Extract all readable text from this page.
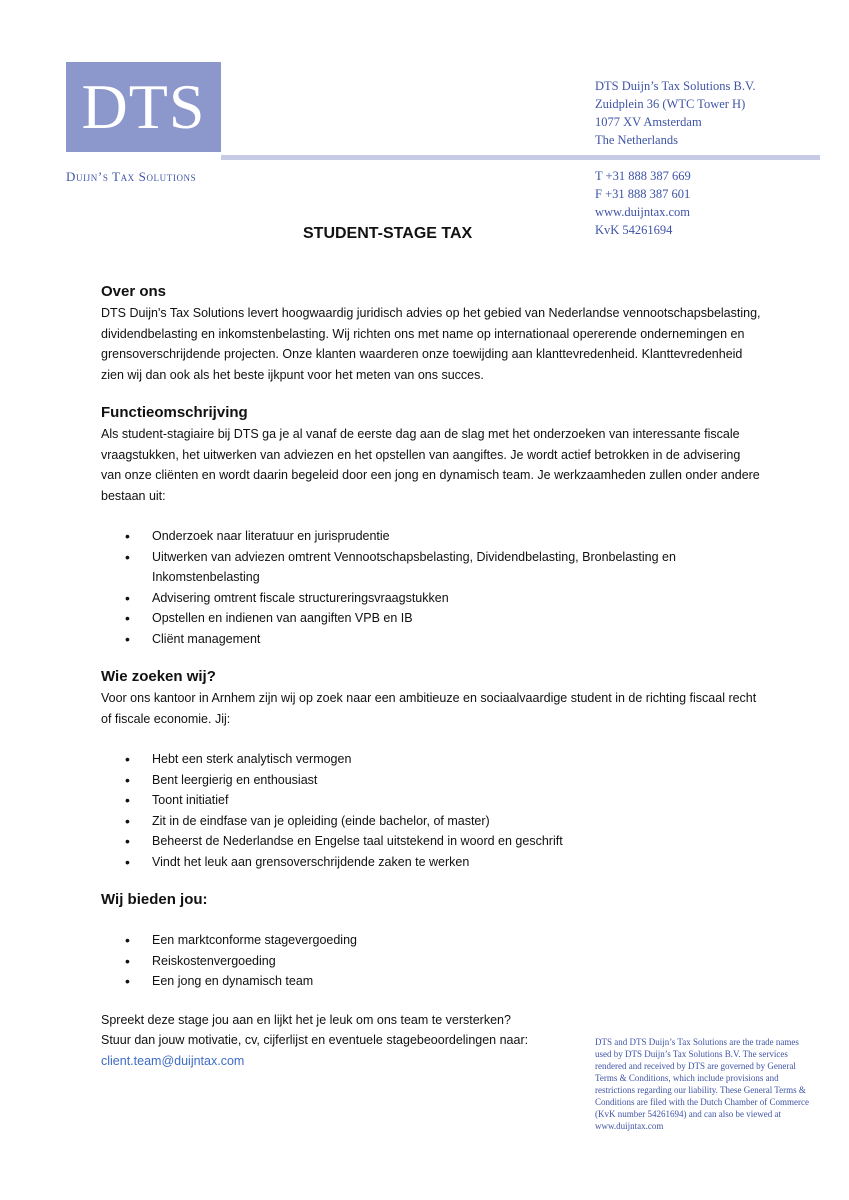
DTS
Duijn’s Tax Solutions
DTS Duijn’s Tax Solutions B.V.
Zuidplein 36 (WTC Tower H)
1077 XV Amsterdam
The Netherlands
T +31 888 387 669
F +31 888 387 601
www.duijntax.com
KvK 54261694
STUDENT-STAGE TAX
Over ons

DTS Duijn's Tax Solutions levert hoogwaardig juridisch advies op het gebied van Nederlandse vennootschapsbelasting, dividendbelasting en inkomstenbelasting. Wij richten ons met name op internationaal opererende ondernemingen en grensoverschrijdende projecten. Onze klanten waarderen onze toewijding aan klanttevredenheid. Klanttevredenheid zien wij dan ook als het beste ijkpunt voor het meten van ons succes.

Functieomschrijving

Als student-stagiaire bij DTS ga je al vanaf de eerste dag aan de slag met het onderzoeken van interessante fiscale vraagstukken, het uitwerken van adviezen en het opstellen van aangiftes. Je wordt actief betrokken in de advisering van onze cliënten en wordt daarin begeleid door een jong en dynamisch team. Je werkzaamheden zullen onder andere bestaan uit:

• Onderzoek naar literatuur en jurisprudentie
• Uitwerken van adviezen omtrent Vennootschapsbelasting, Dividendbelasting, Bronbelasting en Inkomstenbelasting
• Advisering omtrent fiscale structureringsvraagstukken
• Opstellen en indienen van aangiften VPB en IB
• Cliënt management
Wie zoeken wij?

Voor ons kantoor in Arnhem zijn wij op zoek naar een ambitieuze en sociaalvaardige student in de richting fiscaal recht of fiscale economie. Jij:

• Hebt een sterk analytisch vermogen
• Bent leergierig en enthousiast
• Toont initiatief
• Zit in de eindfase van je opleiding (einde bachelor, of master)
• Beheerst de Nederlandse en Engelse taal uitstekend in woord en geschrift
• Vindt het leuk aan grensoverschrijdende zaken te werken
Wij bieden jou:
• Een marktconforme stagevergoeding
• Reiskostenvergoeding
• Een jong en dynamisch team

Spreekt deze stage jou aan en lijkt het je leuk om ons team te versterken?

Stuur dan jouw motivatie, cv, cijferlijst en eventuele stagebeoordelingen naar:

client.team@duijntax.com

DTS and DTS Duijn’s Tax Solutions are the trade names used by DTS Duijn’s Tax Solutions B.V. The services rendered and received by DTS are governed by General Terms & Conditions, which include provisions and restrictions regarding our liability. These General Terms & Conditions are filed with the Dutch Chamber of Commerce (KvK number 54261694) and can also be viewed at www.duijntax.com
